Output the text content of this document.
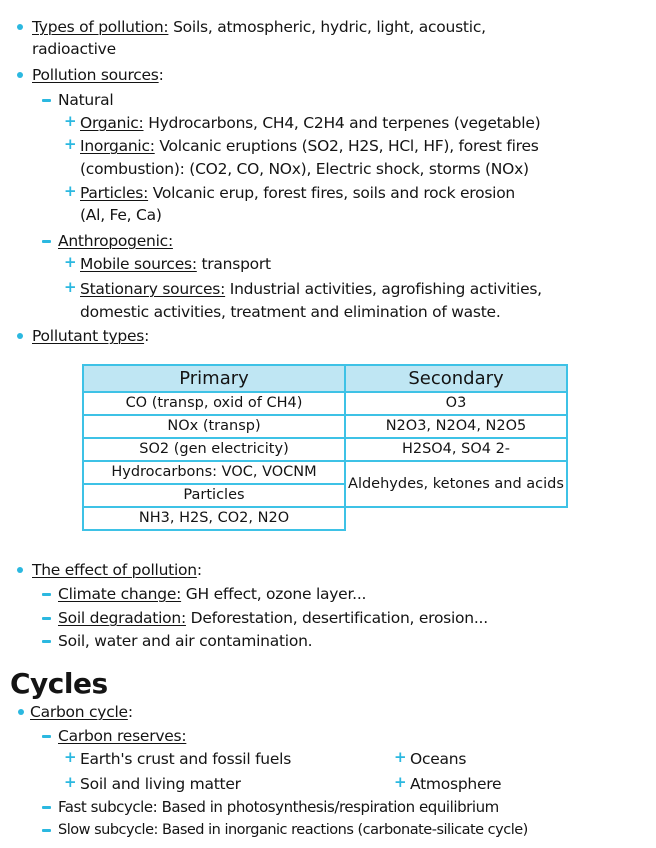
Types of pollution: Soils, atmospheric, hydric, light, acoustic,
radioactive
Pollution sources:
Natural
+ Organic: Hydrocarbons, CH4, C2H4 and terpenes (vegetable)
+ Inorganic: Volcanic eruptions (SO2, H2S, HCl, HF), forest fires
(combustion): (CO2, CO, NOx), Electric shock, storms (NOx)
+ Particles: Volcanic erup, forest fires, soils and rock erosion
(Al, Fe, Ca)
Anthropogenic:
+ Mobile sources: transport
+ Stationary sources: Industrial activities, agrofishing activities,
domestic activities, treatment and elimination of waste.
Pollutant types:
Primary	Secondary
CO (transp, oxid of CH4)	O3
NOx (transp)	N2O3, N2O4, N2O5
SO2 (gen electricity)	H2SO4, SO4 2-
Hydrocarbons: VOC, VOCNM	Aldehydes, ketones and acids
Particles	
NH3, H2S, CO2, N2O	
The effect of pollution:
Climate change: GH effect, ozone layer...
Soil degradation: Deforestation, desertification, erosion...
Soil, water and air contamination.
Cycles
Carbon cycle:
Carbon reserves:
+ Earth's crust and fossil fuels	+ Oceans
+ Soil and living matter	+ Atmosphere
Fast subcycle: Based in photosynthesis/respiration equilibrium
Slow subcycle: Based in inorganic reactions (carbonate-silicate cycle)
